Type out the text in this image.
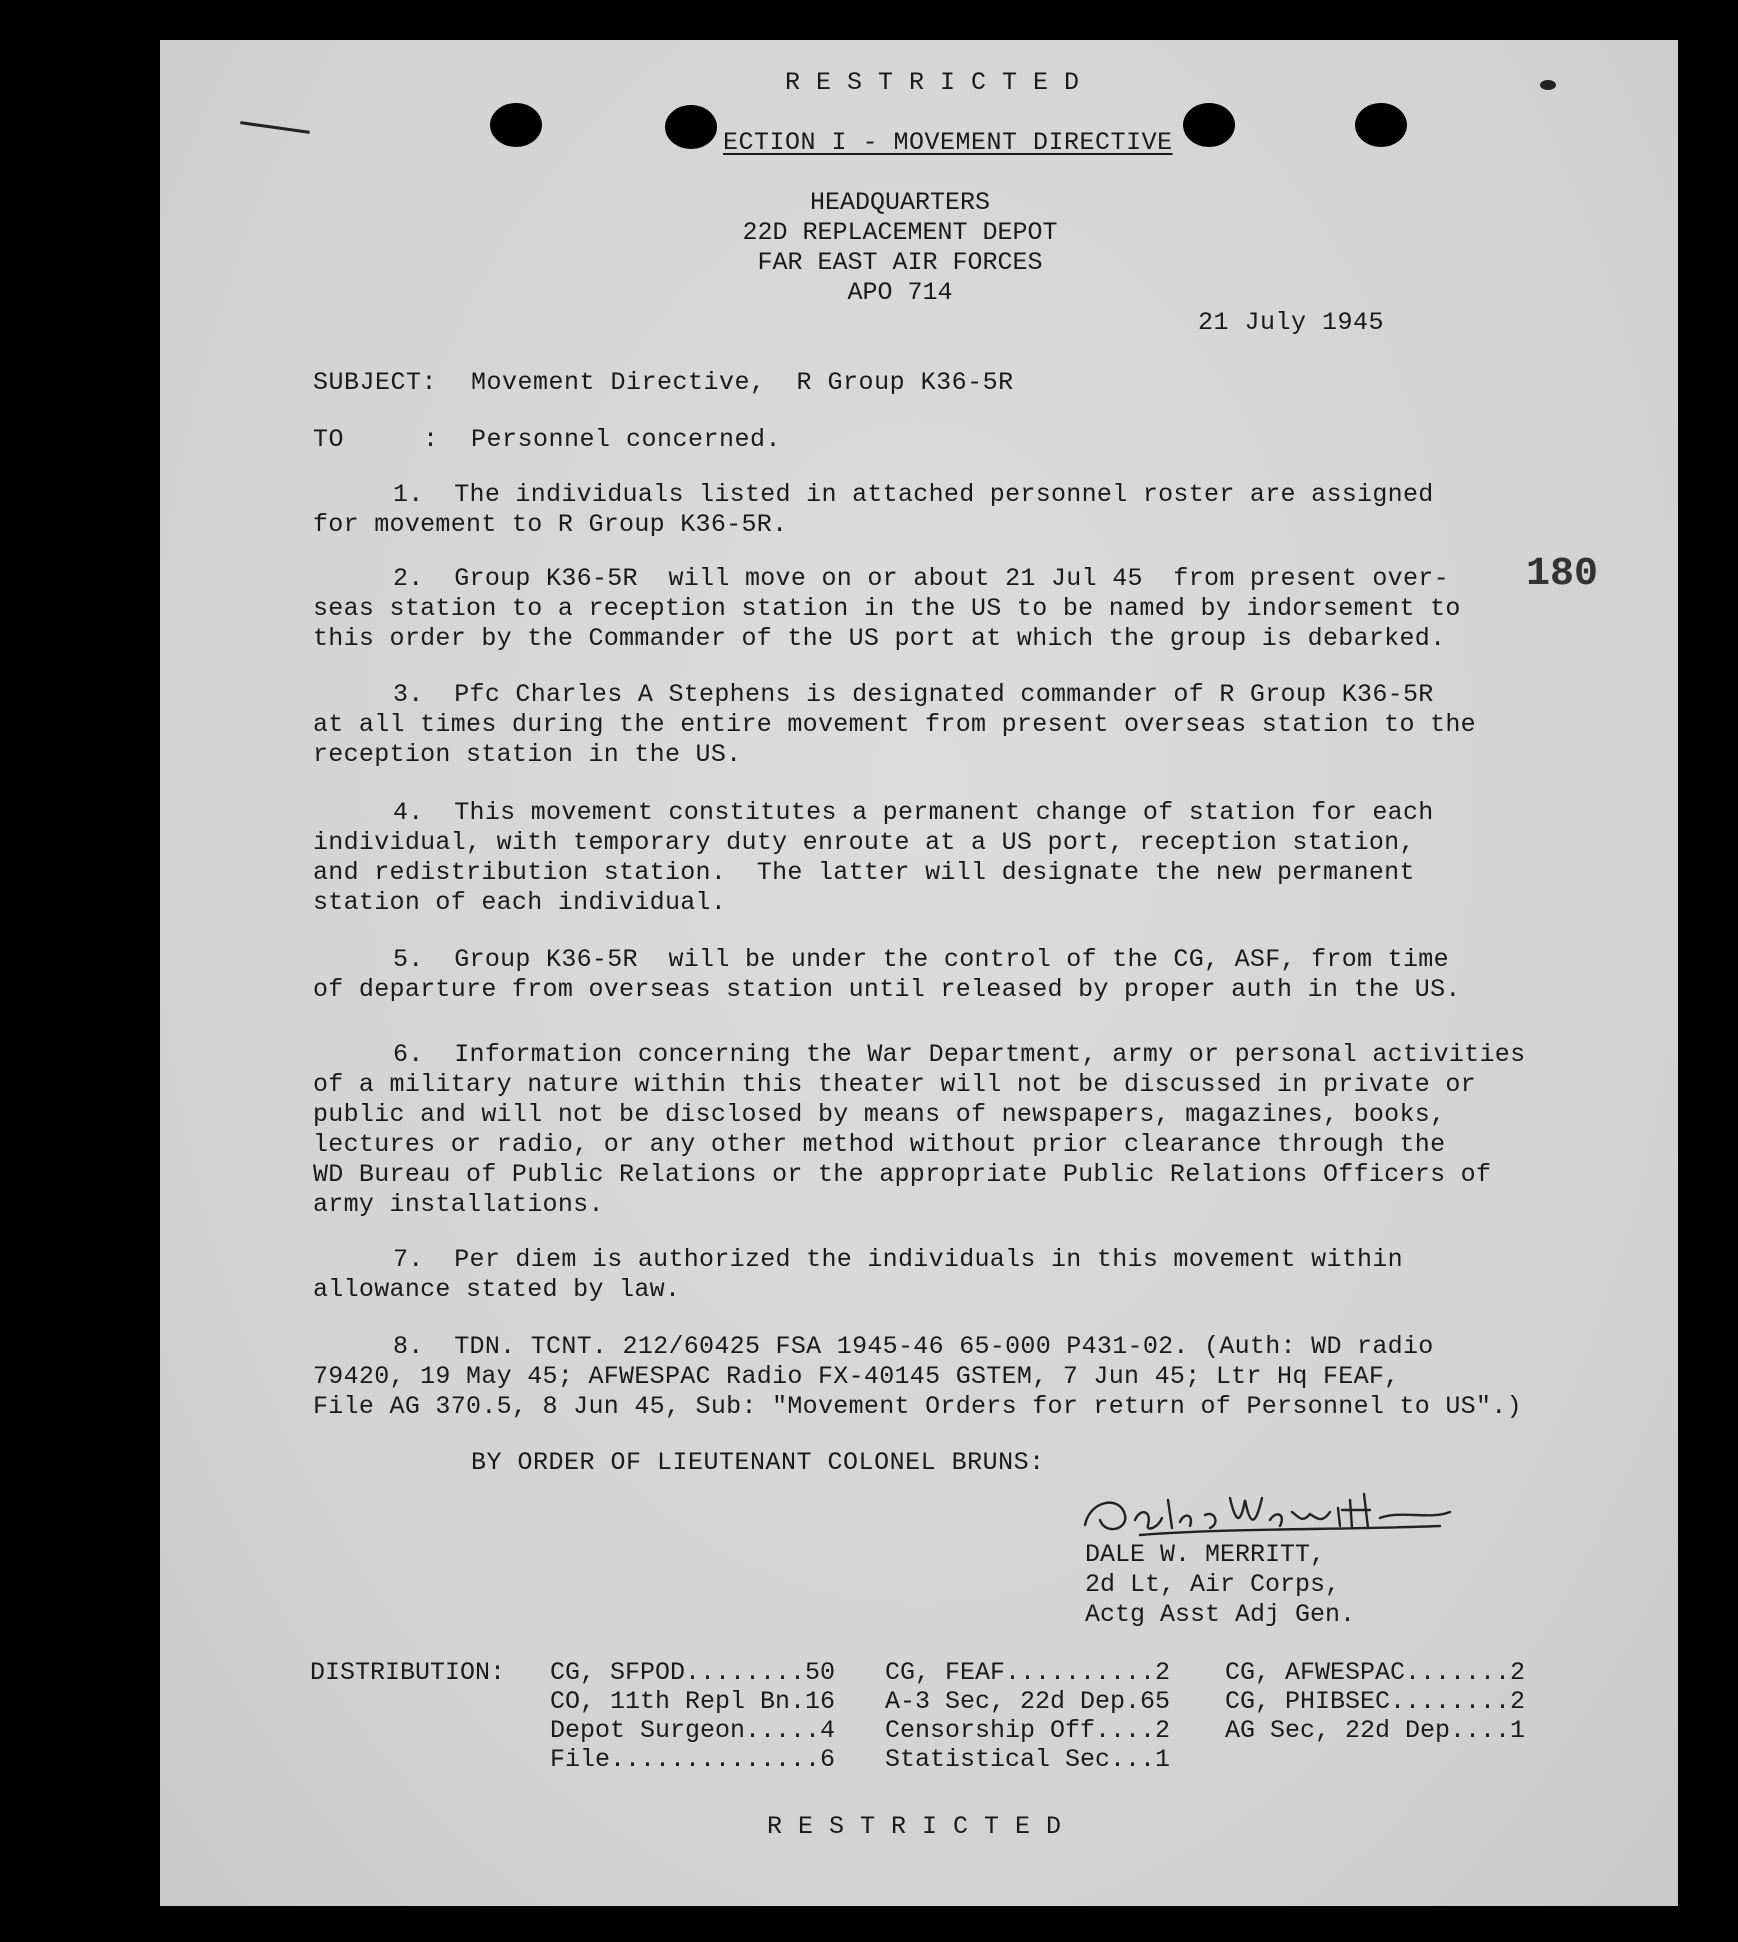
R E S T R I C T E D
ECTION I - MOVEMENT DIRECTIVE
HEADQUARTERS
22D REPLACEMENT DEPOT
FAR EAST AIR FORCES
APO 714
21 July 1945
SUBJECT: Movement Directive,  R Group K36-5R
TO	: Personnel concerned.
1.  The individuals listed in attached personnel roster are assigned
for movement to R Group K36-5R.
2.  Group K36-5R  will move on or about 21 Jul 45  from present over-
seas station to a reception station in the US to be named by indorsement to
this order by the Commander of the US port at which the group is debarked.
3.  Pfc Charles A Stephens is designated commander of R Group K36-5R
at all times during the entire movement from present overseas station to the
reception station in the US.
4.  This movement constitutes a permanent change of station for each
individual, with temporary duty enroute at a US port, reception station,
and redistribution station.  The latter will designate the new permanent
station of each individual.
5.  Group K36-5R  will be under the control of the CG, ASF, from time
of departure from overseas station until released by proper auth in the US.
6.  Information concerning the War Department, army or personal activities
of a military nature within this theater will not be discussed in private or
public and will not be disclosed by means of newspapers, magazines, books,
lectures or radio, or any other method without prior clearance through the
WD Bureau of Public Relations or the appropriate Public Relations Officers of
army installations.
7.  Per diem is authorized the individuals in this movement within
allowance stated by law.
8.  TDN. TCNT. 212/60425 FSA 1945-46 65-000 P431-02. (Auth: WD radio
79420, 19 May 45; AFWESPAC Radio FX-40145 GSTEM, 7 Jun 45; Ltr Hq FEAF,
File AG 370.5, 8 Jun 45, Sub: "Movement Orders for return of Personnel to US".)
180
BY ORDER OF LIEUTENANT COLONEL BRUNS:
DALE W. MERRITT,
2d Lt, Air Corps,
Actg Asst Adj Gen.
DISTRIBUTION:	CG, SFPOD........50	CG, FEAF..........2	CG, AFWESPAC.......2
	CO, 11th Repl Bn.16	A-3 Sec, 22d Dep.65	CG, PHIBSEC........2
	Depot Surgeon.....4	Censorship Off....2	AG Sec, 22d Dep....1
	File..............6	Statistical Sec...1	
R E S T R I C T E D
